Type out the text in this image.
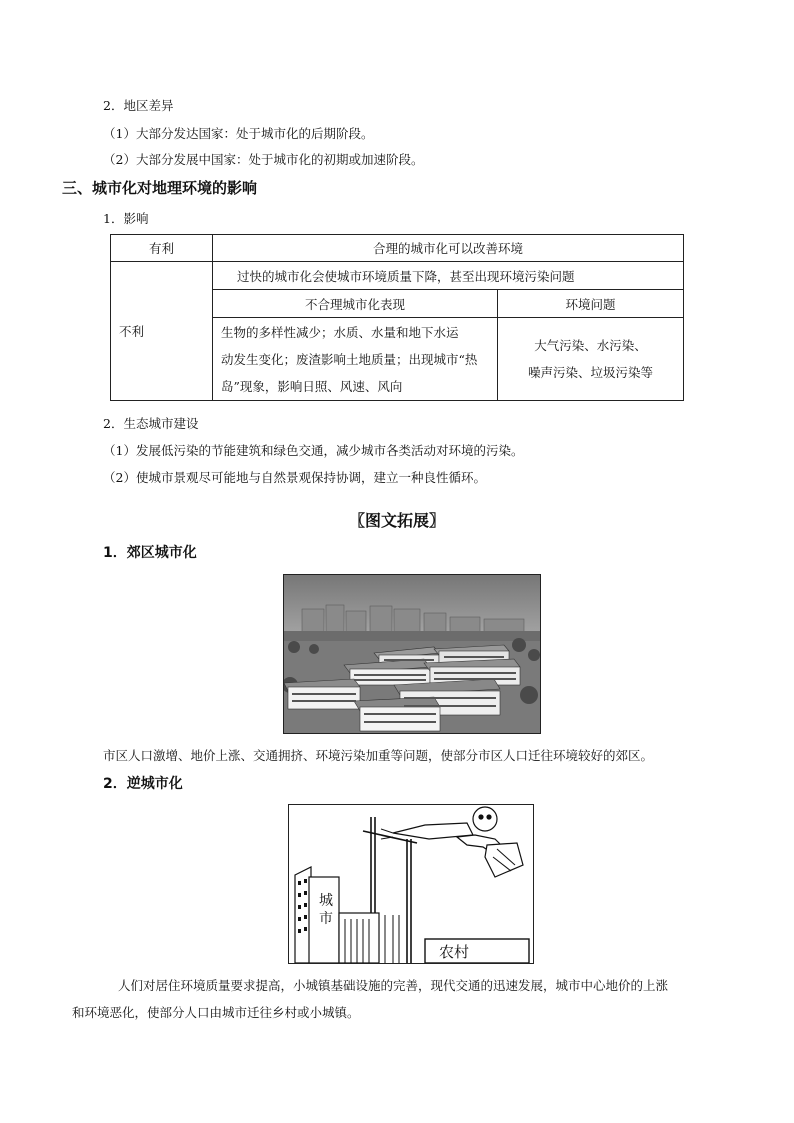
2．地区差异
（1）大部分发达国家：处于城市化的后期阶段。
（2）大部分发展中国家：处于城市化的初期或加速阶段。
三、城市化对地理环境的影响
1．影响
有利	合理的城市化可以改善环境
不利
过快的城市化会使城市环境质量下降，甚至出现环境污染问题
不合理城市化表现	环境问题
生物的多样性减少；水质、水量和地下水运
动发生变化；废渣影响土地质量；出现城市“热
岛”现象，影响日照、风速、风向
大气污染、水污染、
噪声污染、垃圾污染等
2．生态城市建设
（1）发展低污染的节能建筑和绿色交通，减少城市各类活动对环境的污染。
（2）使城市景观尽可能地与自然景观保持协调，建立一种良性循环。
〖图文拓展〗
1．郊区城市化
市区人口激增、地价上涨、交通拥挤、环境污染加重等问题，使部分市区人口迁往环境较好的郊区。
2．逆城市化
城
市
农村
人们对居住环境质量要求提高，小城镇基础设施的完善，现代交通的迅速发展，城市中心地价的上涨
和环境恶化，使部分人口由城市迁往乡村或小城镇。
